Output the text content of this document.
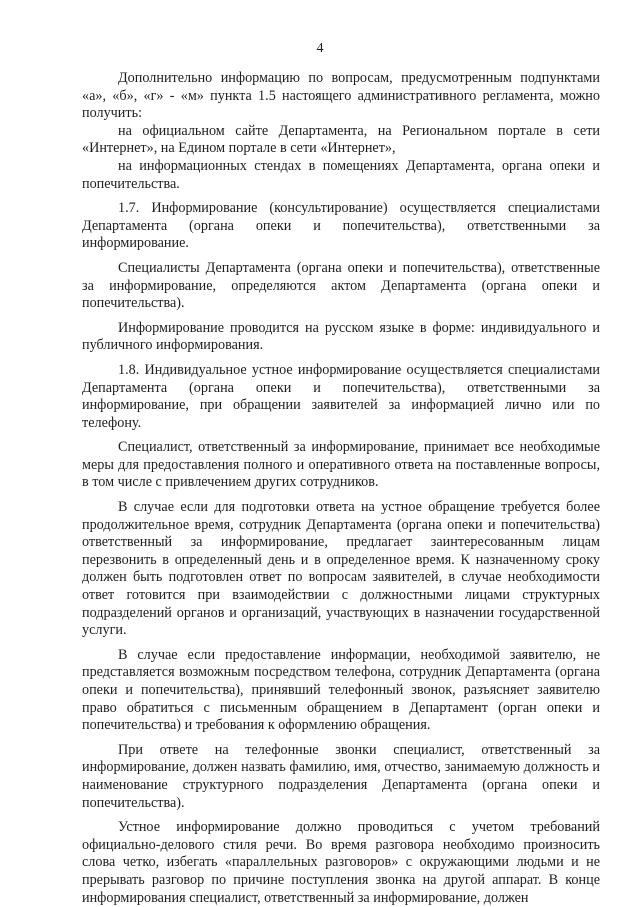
4

Дополнительно информацию по вопросам, предусмотренным подпунктами «а», «б», «г» - «м» пункта 1.5 настоящего административного регламента, можно получить:

на официальном сайте Департамента, на Региональном портале в сети «Интернет», на Едином портале в сети «Интернет»,

на информационных стендах в помещениях Департамента, органа опеки и попечительства.

1.7. Информирование (консультирование) осуществляется специалистами Департамента (органа опеки и попечительства), ответственными за информирование.

Специалисты Департамента (органа опеки и попечительства), ответственные за информирование, определяются актом Департамента (органа опеки и попечительства).

Информирование проводится на русском языке в форме: индивидуального и публичного информирования.

1.8. Индивидуальное устное информирование осуществляется специалистами Департамента (органа опеки и попечительства), ответственными за информирование, при обращении заявителей за информацией лично или по телефону.

Специалист, ответственный за информирование, принимает все необходимые меры для предоставления полного и оперативного ответа на поставленные вопросы, в том числе с привлечением других сотрудников.

В случае если для подготовки ответа на устное обращение требуется более продолжительное время, сотрудник Департамента (органа опеки и попечительства) ответственный за информирование, предлагает заинтересованным лицам перезвонить в определенный день и в определенное время. К назначенному сроку должен быть подготовлен ответ по вопросам заявителей, в случае необходимости ответ готовится при взаимодействии с должностными лицами структурных подразделений органов и организаций, участвующих в назначении государственной услуги.

В случае если предоставление информации, необходимой заявителю, не представляется возможным посредством телефона, сотрудник Департамента (органа опеки и попечительства), принявший телефонный звонок, разъясняет заявителю право обратиться с письменным обращением в Департамент (орган опеки и попечительства) и требования к оформлению обращения.

При ответе на телефонные звонки специалист, ответственный за информирование, должен назвать фамилию, имя, отчество, занимаемую должность и наименование структурного подразделения Департамента (органа опеки и попечительства).

Устное информирование должно проводиться с учетом требований официально-делового стиля речи. Во время разговора необходимо произносить слова четко, избегать «параллельных разговоров» с окружающими людьми и не прерывать разговор по причине поступления звонка на другой аппарат. В конце информирования специалист, ответственный за информирование, должен
